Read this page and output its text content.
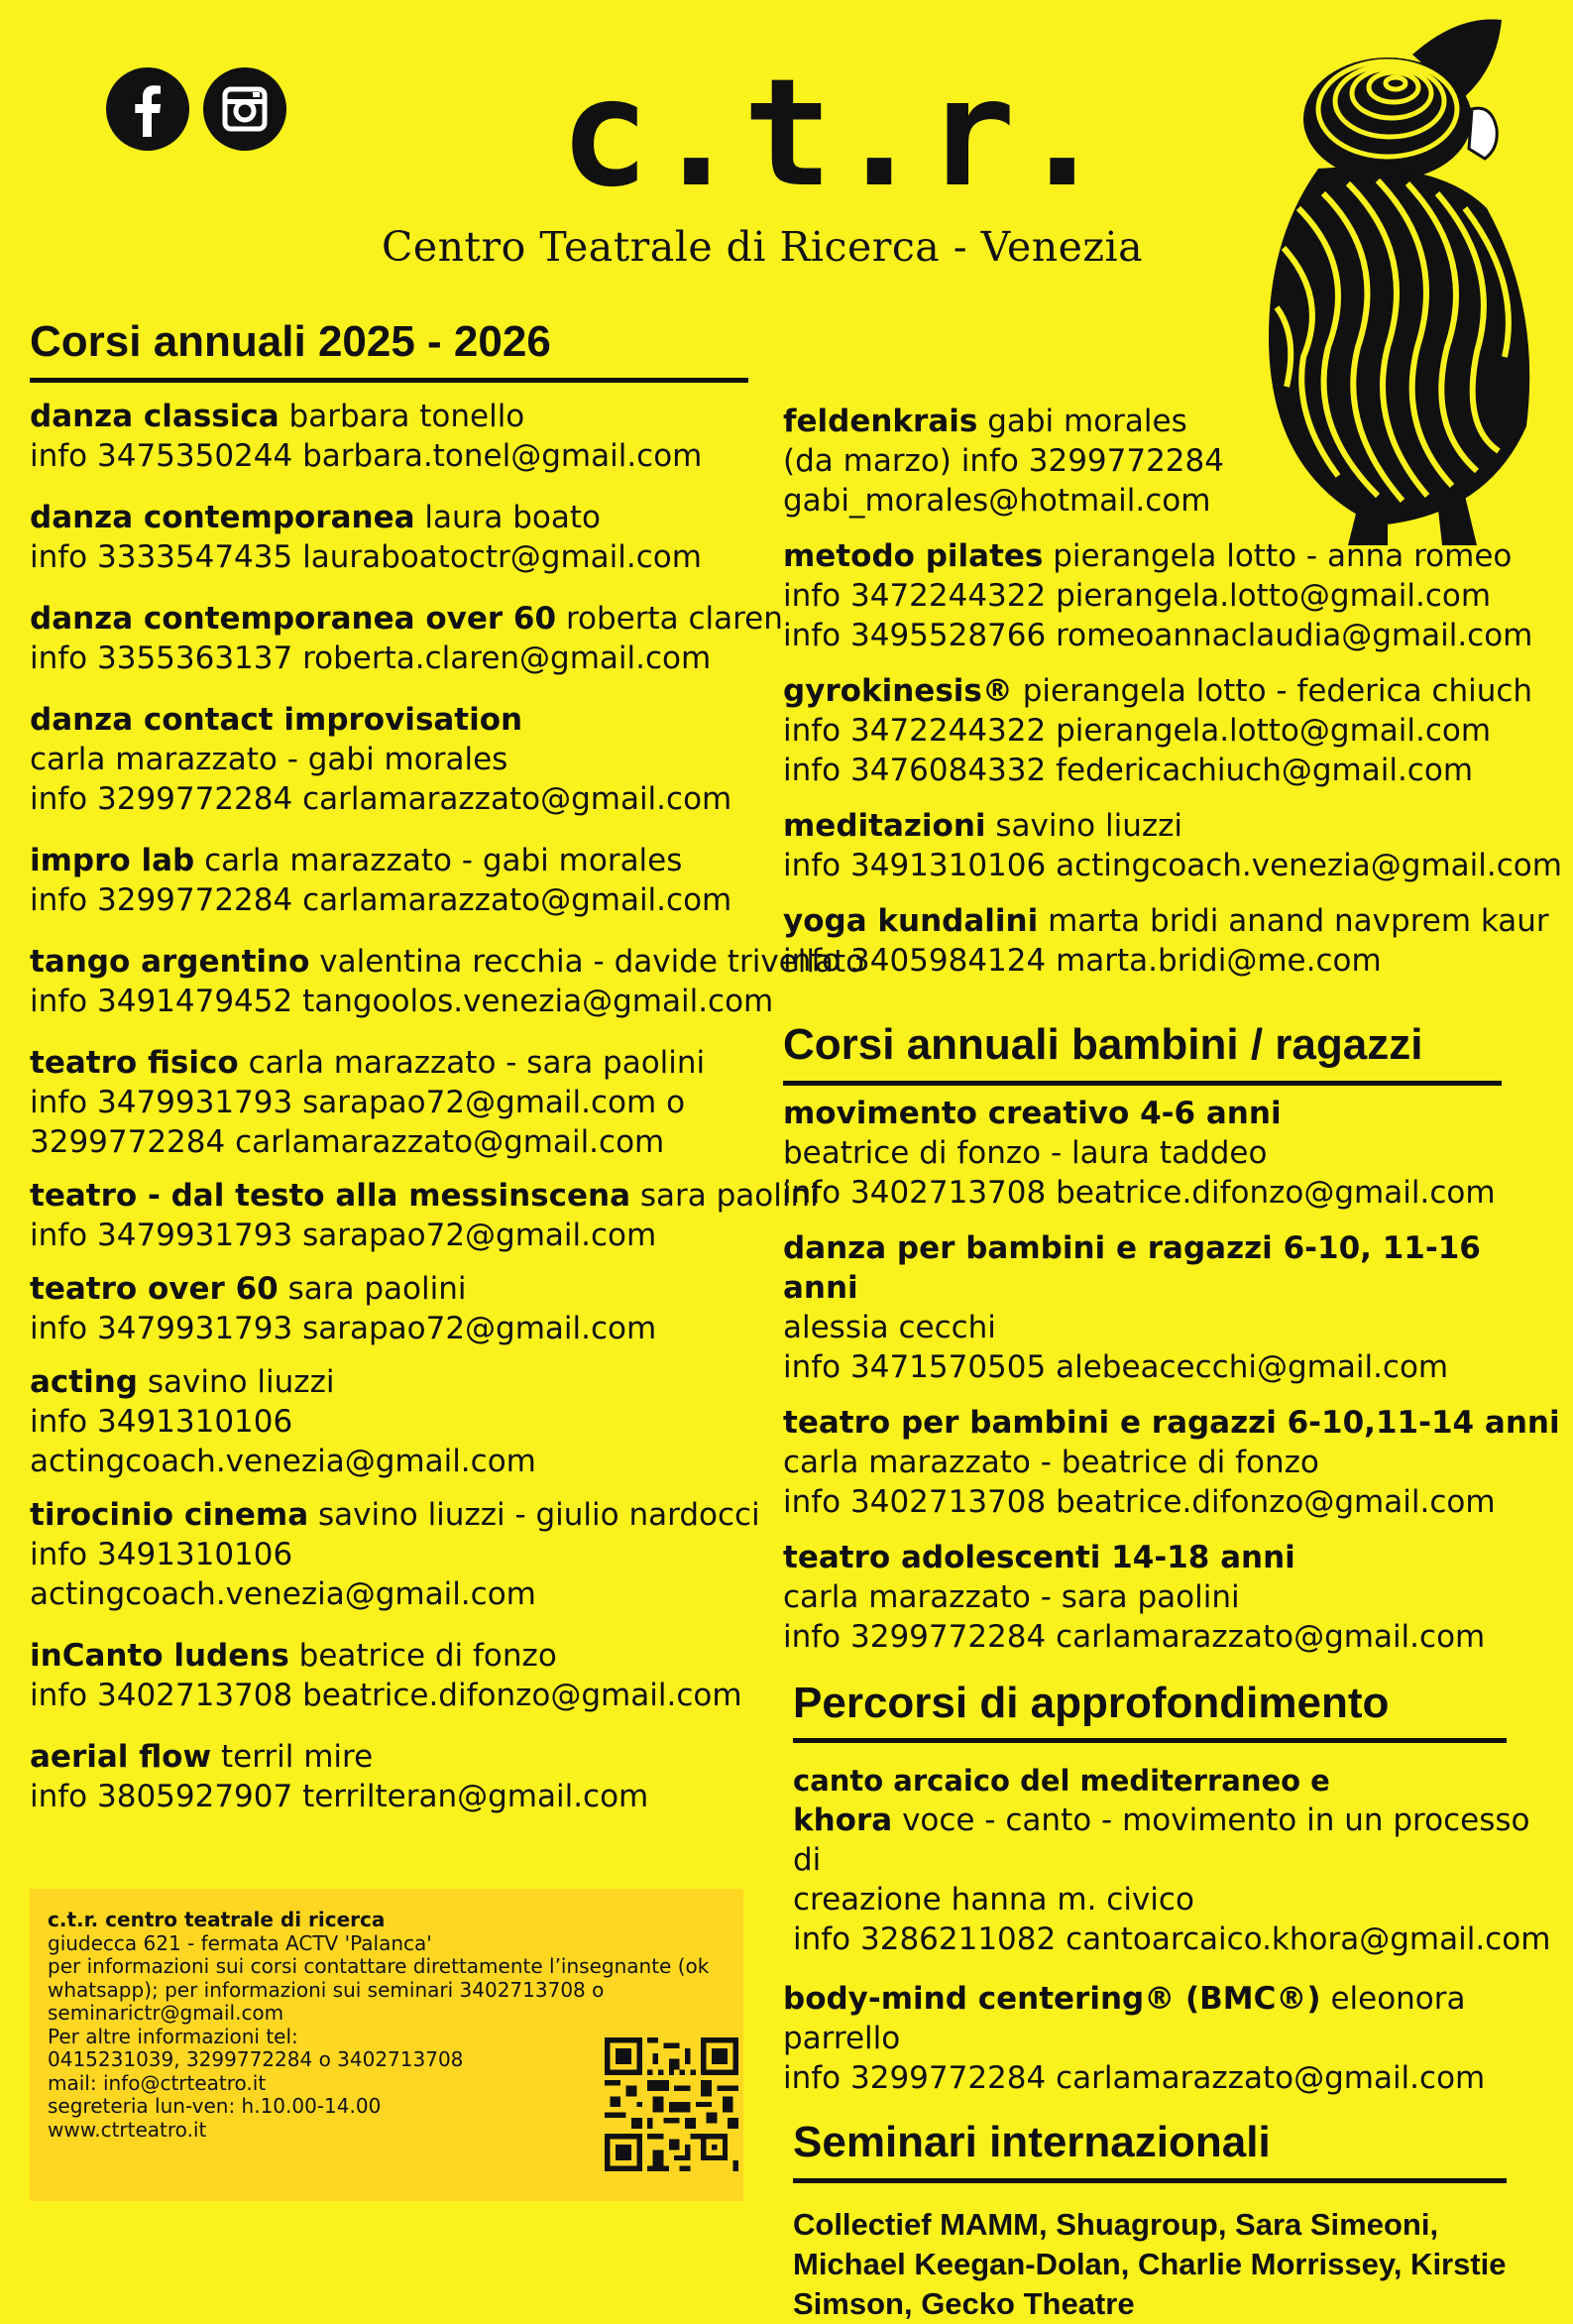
c.t.r.
Centro Teatrale di Ricerca - Venezia
Corsi annuali 2025 - 2026
danza classica barbara tonello
info 3475350244 barbara.tonel@gmail.com
danza contemporanea laura boato
info 3333547435 lauraboatoctr@gmail.com
danza contemporanea over 60 roberta claren
info 3355363137 roberta.claren@gmail.com
danza contact improvisation
carla marazzato - gabi morales
info 3299772284 carlamarazzato@gmail.com
impro lab carla marazzato - gabi morales
info 3299772284 carlamarazzato@gmail.com
tango argentino valentina recchia - davide trivellato
info 3491479452 tangoolos.venezia@gmail.com
teatro fisico carla marazzato - sara paolini
info 3479931793 sarapao72@gmail.com o
3299772284 carlamarazzato@gmail.com
teatro - dal testo alla messinscena sara paolini
info 3479931793 sarapao72@gmail.com
teatro over 60 sara paolini
info 3479931793 sarapao72@gmail.com
acting savino liuzzi
info 3491310106
actingcoach.venezia@gmail.com
tirocinio cinema savino liuzzi - giulio nardocci
info 3491310106
actingcoach.venezia@gmail.com
inCanto ludens beatrice di fonzo
info 3402713708 beatrice.difonzo@gmail.com
aerial flow terril mire
info 3805927907 terrilteran@gmail.com
feldenkrais gabi morales
(da marzo) info 3299772284
gabi_morales@hotmail.com
metodo pilates pierangela lotto - anna romeo
info 3472244322 pierangela.lotto@gmail.com
info 3495528766 romeoannaclaudia@gmail.com
gyrokinesis® pierangela lotto - federica chiuch
info 3472244322 pierangela.lotto@gmail.com
info 3476084332 federicachiuch@gmail.com
meditazioni savino liuzzi
info 3491310106 actingcoach.venezia@gmail.com
yoga kundalini marta bridi anand navprem kaur
info 3405984124 marta.bridi@me.com
Corsi annuali bambini / ragazzi
movimento creativo 4-6 anni
beatrice di fonzo - laura taddeo
info 3402713708 beatrice.difonzo@gmail.com
danza per bambini e ragazzi 6-10, 11-16 anni
alessia cecchi
info 3471570505 alebeacecchi@gmail.com
teatro per bambini e ragazzi 6-10,11-14 anni
carla marazzato - beatrice di fonzo
info 3402713708 beatrice.difonzo@gmail.com
teatro adolescenti 14-18 anni
carla marazzato - sara paolini
info 3299772284 carlamarazzato@gmail.com
Percorsi di approfondimento
canto arcaico del mediterraneo e
khora voce - canto - movimento in un processo di
creazione hanna m. civico
info 3286211082 cantoarcaico.khora@gmail.com
body-mind centering® (BMC®) eleonora parrello
info 3299772284 carlamarazzato@gmail.com
Seminari internazionali
Collectief MAMM, Shuagroup, Sara Simeoni,
Michael Keegan-Dolan, Charlie Morrissey, Kirstie
Simson, Gecko Theatre
c.t.r. centro teatrale di ricerca
giudecca 621 - fermata ACTV 'Palanca'
per informazioni sui corsi contattare direttamente l’insegnante (ok
whatsapp); per informazioni sui seminari 3402713708 o
seminarictr@gmail.com
Per altre informazioni tel:
0415231039, 3299772284 o 3402713708
mail: info@ctrteatro.it
segreteria lun-ven: h.10.00-14.00
www.ctrteatro.it
